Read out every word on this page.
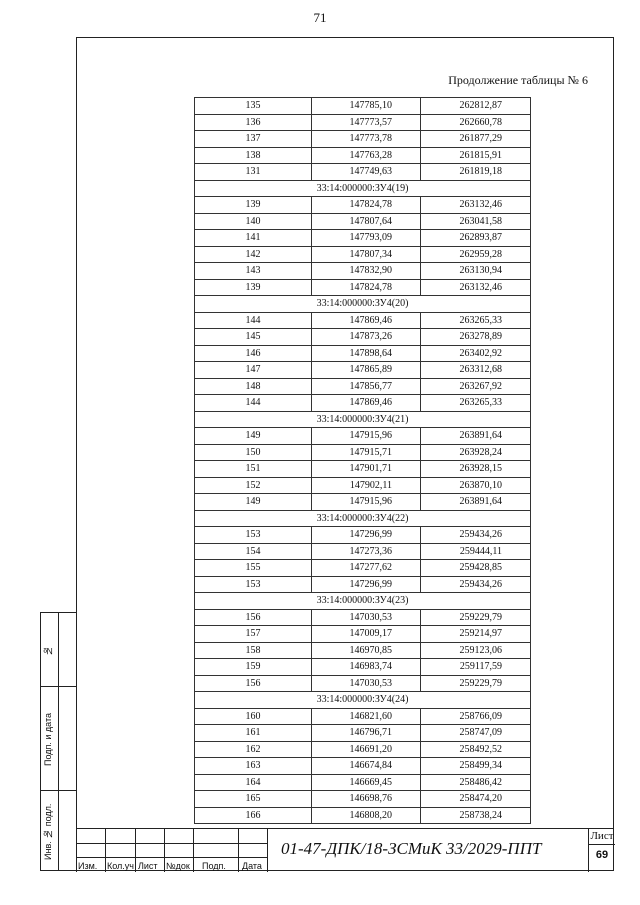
71
Продолжение таблицы № 6
135	147785,10	262812,87
136	147773,57	262660,78
137	147773,78	261877,29
138	147763,28	261815,91
131	147749,63	261819,18
33:14:000000:ЗУ4(19)		
139	147824,78	263132,46
140	147807,64	263041,58
141	147793,09	262893,87
142	147807,34	262959,28
143	147832,90	263130,94
139	147824,78	263132,46
33:14:000000:ЗУ4(20)		
144	147869,46	263265,33
145	147873,26	263278,89
146	147898,64	263402,92
147	147865,89	263312,68
148	147856,77	263267,92
144	147869,46	263265,33
33:14:000000:ЗУ4(21)		
149	147915,96	263891,64
150	147915,71	263928,24
151	147901,71	263928,15
152	147902,11	263870,10
149	147915,96	263891,64
33:14:000000:ЗУ4(22)		
153	147296,99	259434,26
154	147273,36	259444,11
155	147277,62	259428,85
153	147296,99	259434,26
33:14:000000:ЗУ4(23)		
156	147030,53	259229,79
157	147009,17	259214,97
158	146970,85	259123,06
159	146983,74	259117,59
156	147030,53	259229,79
33:14:000000:ЗУ4(24)		
160	146821,60	258766,09
161	146796,71	258747,09
162	146691,20	258492,52
163	146674,84	258499,34
164	146669,45	258486,42
165	146698,76	258474,20
166	146808,20	258738,24
№
Подп. и дата
Инв. № подл.
Изм. Кол.уч Лист №док Подп. Дата
01-47-ДПК/18-ЗСМиК 33/2029-ППТ
Лист
69
